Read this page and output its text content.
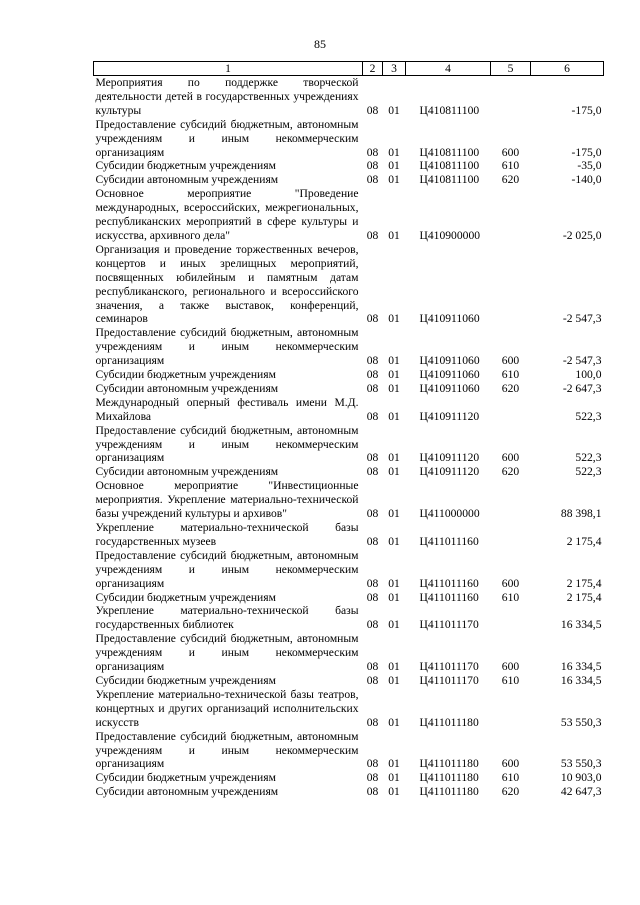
85
1	2	3	4	5	6
Мероприятия по поддержке творческой деятельности детей в государственных учреждениях культуры	08	01	Ц410811100		-175,0
Предоставление субсидий бюджетным, автономным учреждениям и иным некоммерческим организациям	08	01	Ц410811100	600	-175,0
Субсидии бюджетным учреждениям	08	01	Ц410811100	610	-35,0
Субсидии автономным учреждениям	08	01	Ц410811100	620	-140,0
Основное мероприятие "Проведение международных, всероссийских, межрегиональных, республиканских мероприятий в сфере культуры и искусства, архивного дела"	08	01	Ц410900000		-2 025,0
Организация и проведение торжественных вечеров, концертов и иных зрелищных мероприятий, посвященных юбилейным и памятным датам республиканского, регионального и всероссийского значения, а также выставок, конференций, семинаров	08	01	Ц410911060		-2 547,3
Предоставление субсидий бюджетным, автономным учреждениям и иным некоммерческим организациям	08	01	Ц410911060	600	-2 547,3
Субсидии бюджетным учреждениям	08	01	Ц410911060	610	100,0
Субсидии автономным учреждениям	08	01	Ц410911060	620	-2 647,3
Международный оперный фестиваль имени М.Д. Михайлова	08	01	Ц410911120		522,3
Предоставление субсидий бюджетным, автономным учреждениям и иным некоммерческим организациям	08	01	Ц410911120	600	522,3
Субсидии автономным учреждениям	08	01	Ц410911120	620	522,3
Основное мероприятие "Инвестиционные мероприятия. Укрепление материально-технической базы учреждений культуры и архивов"	08	01	Ц411000000		88 398,1
Укрепление материально-технической базы государственных музеев	08	01	Ц411011160		2 175,4
Предоставление субсидий бюджетным, автономным учреждениям и иным некоммерческим организациям	08	01	Ц411011160	600	2 175,4
Субсидии бюджетным учреждениям	08	01	Ц411011160	610	2 175,4
Укрепление материально-технической базы государственных библиотек	08	01	Ц411011170		16 334,5
Предоставление субсидий бюджетным, автономным учреждениям и иным некоммерческим организациям	08	01	Ц411011170	600	16 334,5
Субсидии бюджетным учреждениям	08	01	Ц411011170	610	16 334,5
Укрепление материально-технической базы театров, концертных и других организаций исполнительских искусств	08	01	Ц411011180		53 550,3
Предоставление субсидий бюджетным, автономным учреждениям и иным некоммерческим организациям	08	01	Ц411011180	600	53 550,3
Субсидии бюджетным учреждениям	08	01	Ц411011180	610	10 903,0
Субсидии автономным учреждениям	08	01	Ц411011180	620	42 647,3
